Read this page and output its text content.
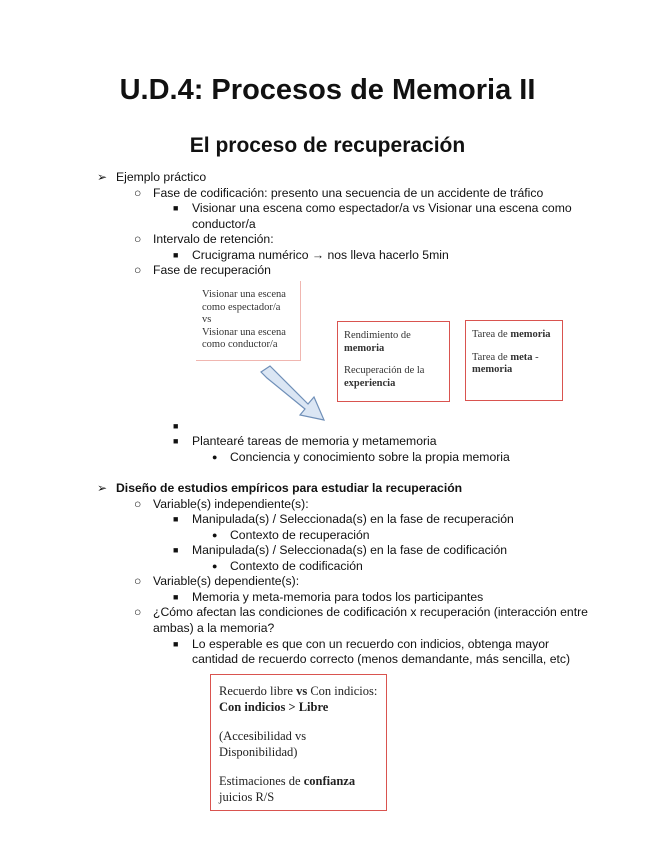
U.D.4: Procesos de Memoria II
El proceso de recuperación
➢ Ejemplo práctico
○ Fase de codificación: presento una secuencia de un accidente de tráfico
■ Visionar una escena como espectador/a vs Visionar una escena como
conductor/a
○ Intervalo de retención:
■ Crucigrama numérico → nos lleva hacerlo 5min
○ Fase de recuperación
Visionar una escena
como espectador/a
vs
Visionar una escena
como conductor/a
Rendimiento de
memoria
Recuperación de la
experiencia
Tarea de memoria
Tarea de meta -
memoria
■
■ Plantearé tareas de memoria y metamemoria
● Conciencia y conocimiento sobre la propia memoria
➢ Diseño de estudios empíricos para estudiar la recuperación
○ Variable(s) independiente(s):
■ Manipulada(s) / Seleccionada(s) en la fase de recuperación
● Contexto de recuperación
■ Manipulada(s) / Seleccionada(s) en la fase de codificación
● Contexto de codificación
○ Variable(s) dependiente(s):
■ Memoria y meta-memoria para todos los participantes
○ ¿Cómo afectan las condiciones de codificación x recuperación (interacción entre
ambas) a la memoria?
■ Lo esperable es que con un recuerdo con indicios, obtenga mayor
cantidad de recuerdo correcto (menos demandante, más sencilla, etc)
Recuerdo libre vs Con indicios:
Con indicios > Libre
(Accesibilidad vs
Disponibilidad)
Estimaciones de confianza
juicios R/S
